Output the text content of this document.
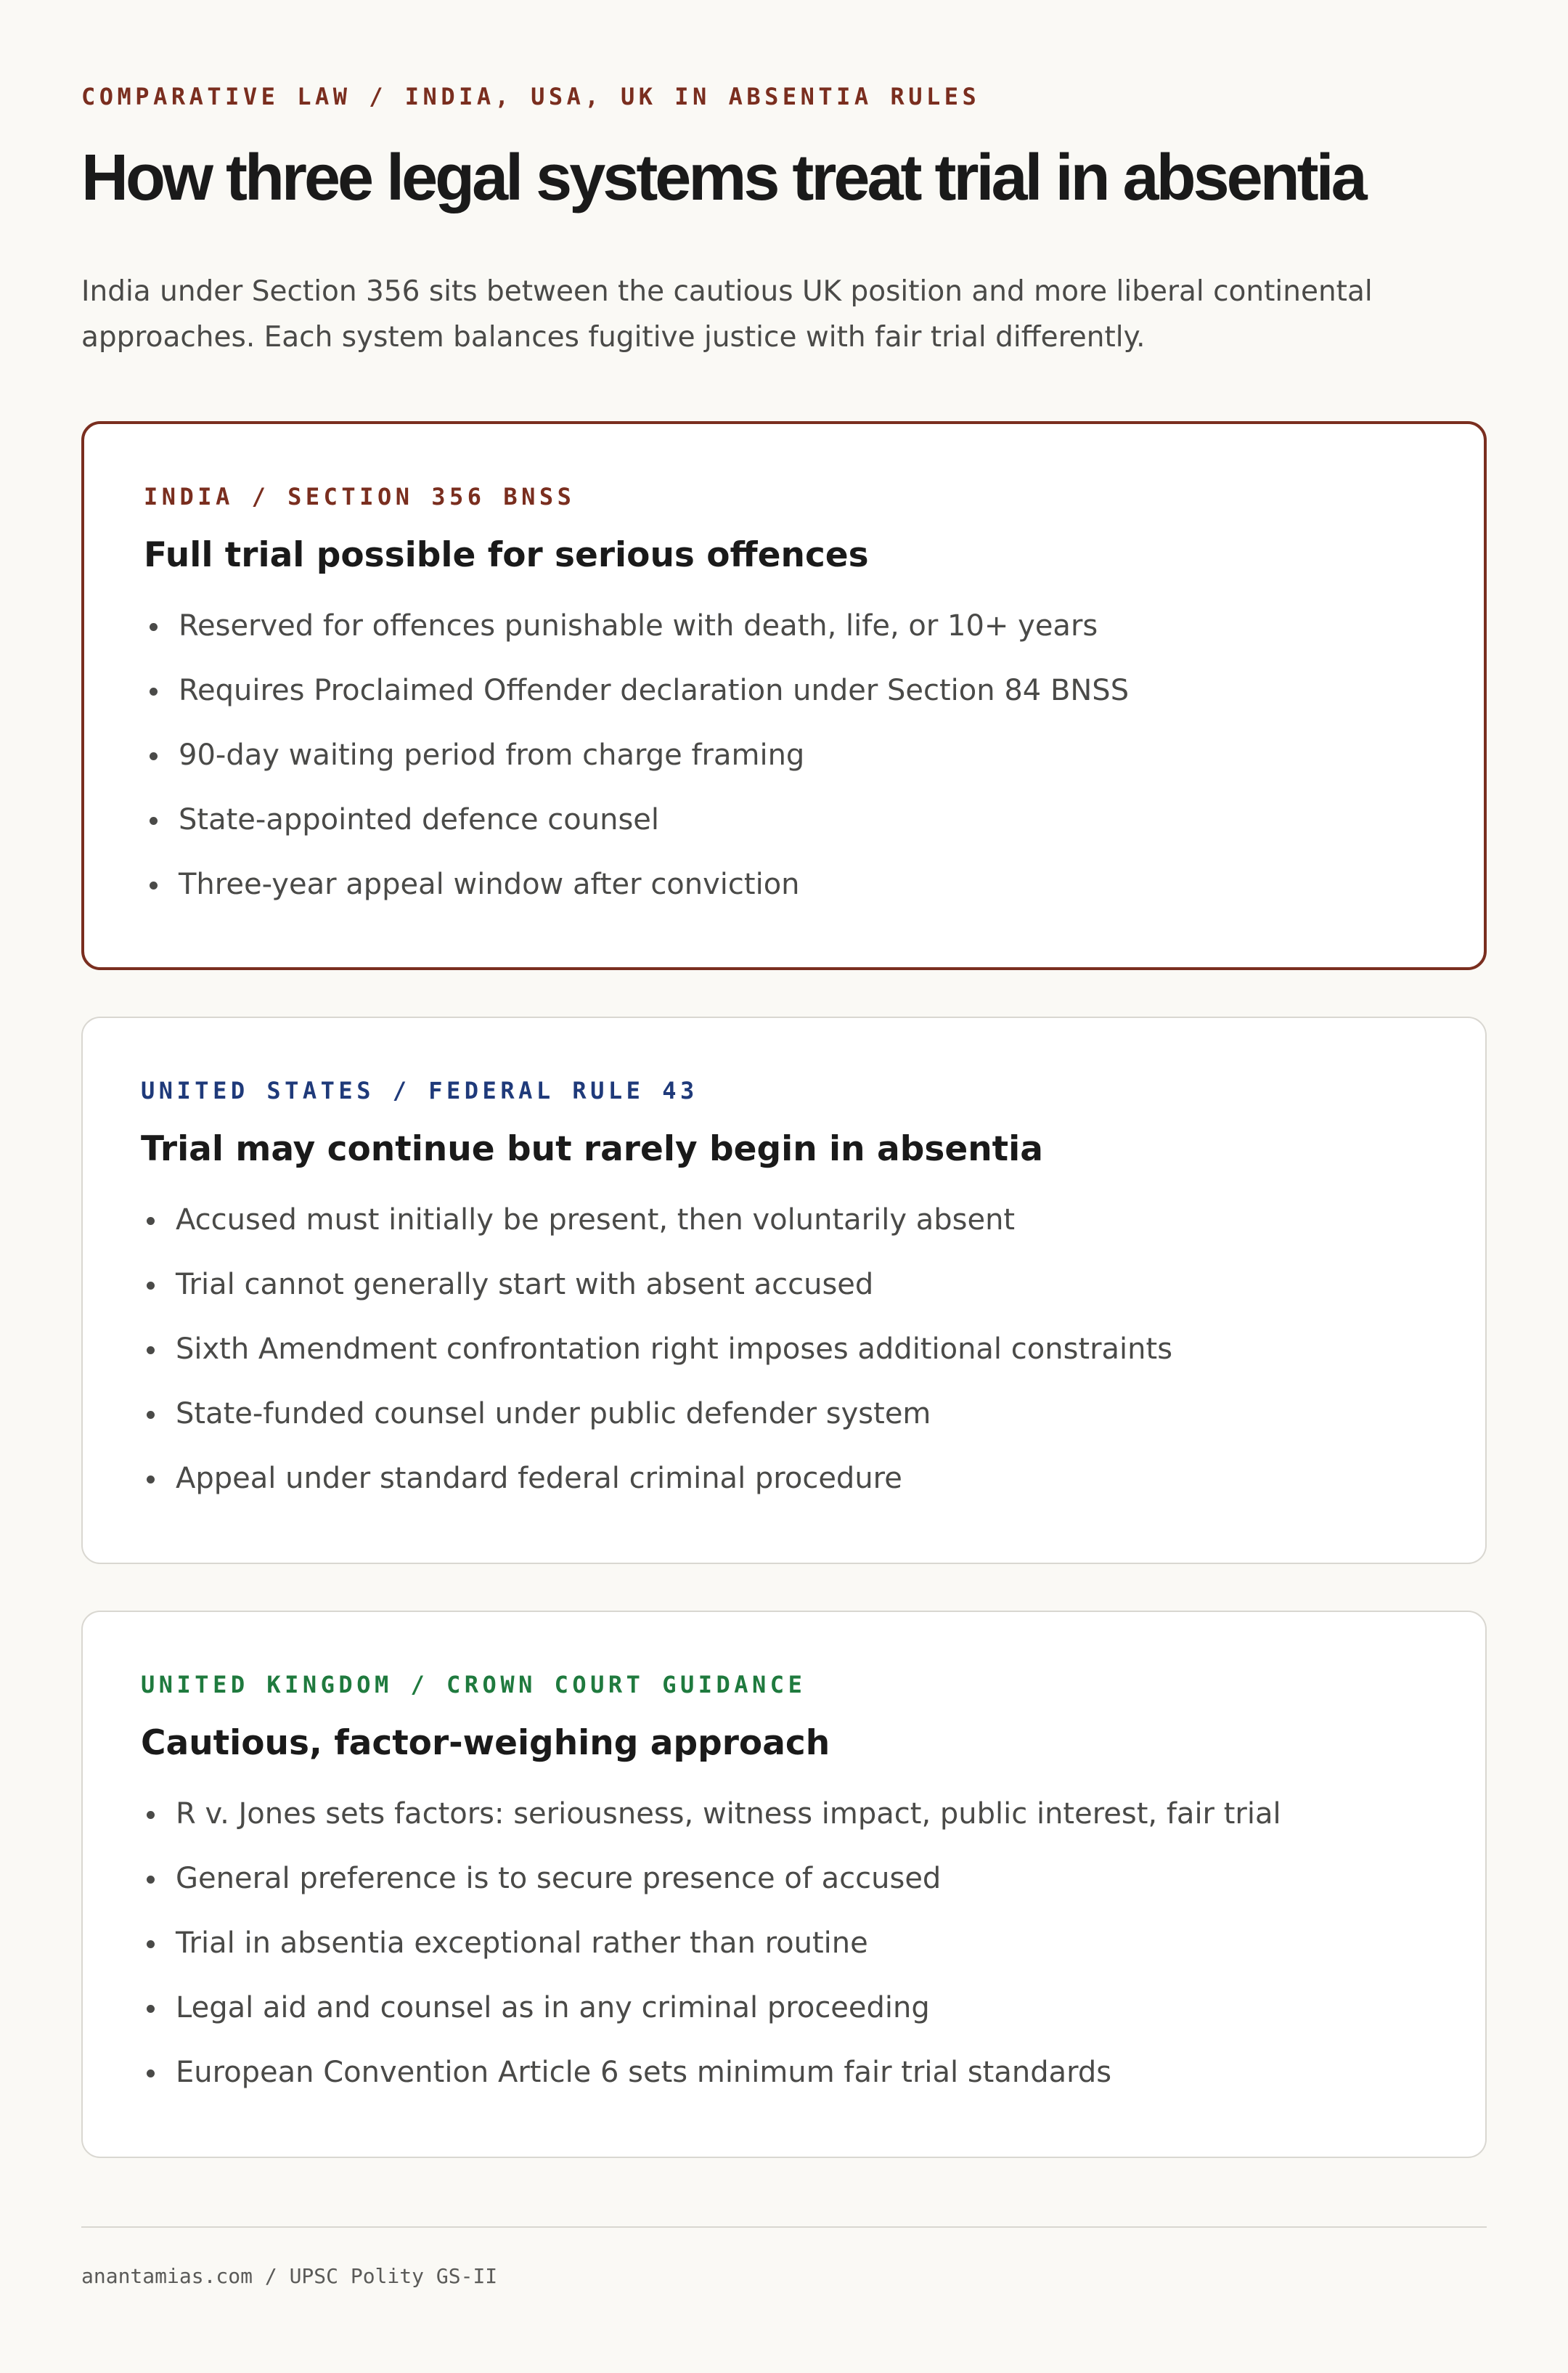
COMPARATIVE LAW / INDIA, USA, UK IN ABSENTIA RULES
How three legal systems treat trial in absentia

India under Section 356 sits between the cautious UK position and more liberal continental approaches. Each system balances fugitive justice with fair trial differently.

INDIA / SECTION 356 BNSS
Full trial possible for serious offences
Reserved for offences punishable with death, life, or 10+ years
Requires Proclaimed Offender declaration under Section 84 BNSS
90-day waiting period from charge framing
State-appointed defence counsel
Three-year appeal window after conviction
UNITED STATES / FEDERAL RULE 43
Trial may continue but rarely begin in absentia
Accused must initially be present, then voluntarily absent
Trial cannot generally start with absent accused
Sixth Amendment confrontation right imposes additional constraints
State-funded counsel under public defender system
Appeal under standard federal criminal procedure
UNITED KINGDOM / CROWN COURT GUIDANCE
Cautious, factor-weighing approach
R v. Jones sets factors: seriousness, witness impact, public interest, fair trial
General preference is to secure presence of accused
Trial in absentia exceptional rather than routine
Legal aid and counsel as in any criminal proceeding
European Convention Article 6 sets minimum fair trial standards
anantamias.com / UPSC Polity GS-II
